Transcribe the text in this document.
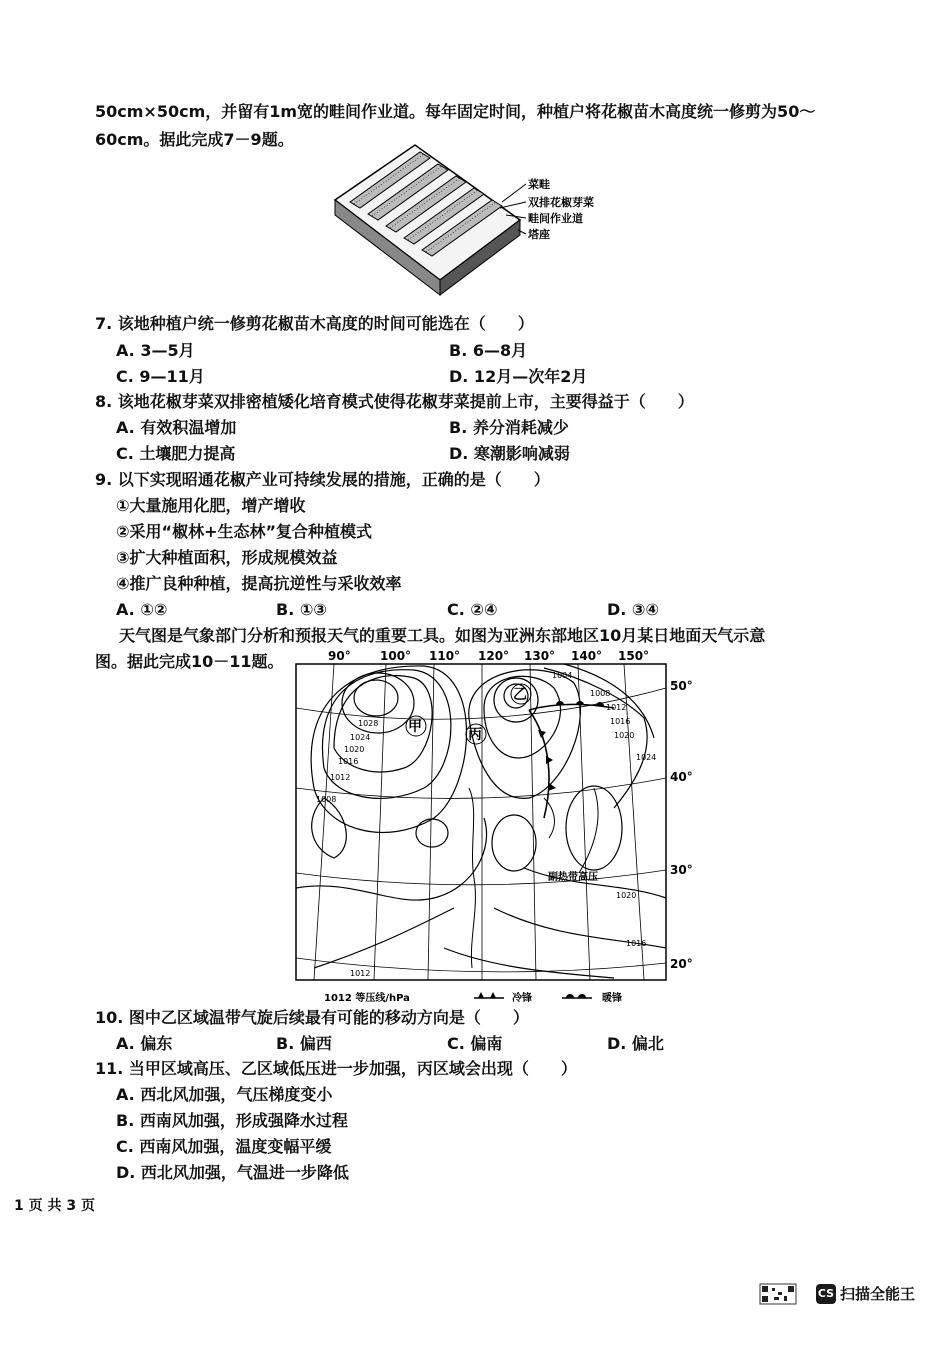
50cm×50cm，并留有1m宽的畦间作业道。每年固定时间，种植户将花椒苗木高度统一修剪为50～
60cm。据此完成7－9题。
菜畦
双排花椒芽菜
畦间作业道
塔座
7. 该地种植户统一修剪花椒苗木高度的时间可能选在（　　）
A. 3—5月	B. 6—8月
C. 9—11月	D. 12月—次年2月
8. 该地花椒芽菜双排密植矮化培育模式使得花椒芽菜提前上市，主要得益于（　　）
A. 有效积温增加	B. 养分消耗减少
C. 土壤肥力提高	D. 寒潮影响减弱
9. 以下实现昭通花椒产业可持续发展的措施，正确的是（　　）
①大量施用化肥，增产增收
②采用“椒林+生态林”复合种植模式
③扩大种植面积，形成规模效益
④推广良种种植，提高抗逆性与采收效率
A. ①②	B. ①③	C. ②④	D. ③④
天气图是气象部门分析和预报天气的重要工具。如图为亚洲东部地区10月某日地面天气示意
图。据此完成10－11题。	90° 100° 110° 120° 130° 140° 150°
50°
40°
30°
20°
甲	丙
乙
1028
1024
1020
1016
1012
1008
1004
1008
1012
1016
1020
1024
1020
1016
1012
副热带高压
1012 等压线/hPa	冷锋	暖锋
10. 图中乙区域温带气旋后续最有可能的移动方向是（　　）
A. 偏东	B. 偏西	C. 偏南	D. 偏北
11. 当甲区域高压、乙区域低压进一步加强，丙区域会出现（　　）
A. 西北风加强，气压梯度变小
B. 西南风加强，形成强降水过程
C. 西南风加强，温度变幅平缓
D. 西北风加强，气温进一步降低
1 页 共 3 页
CS 扫描全能王
